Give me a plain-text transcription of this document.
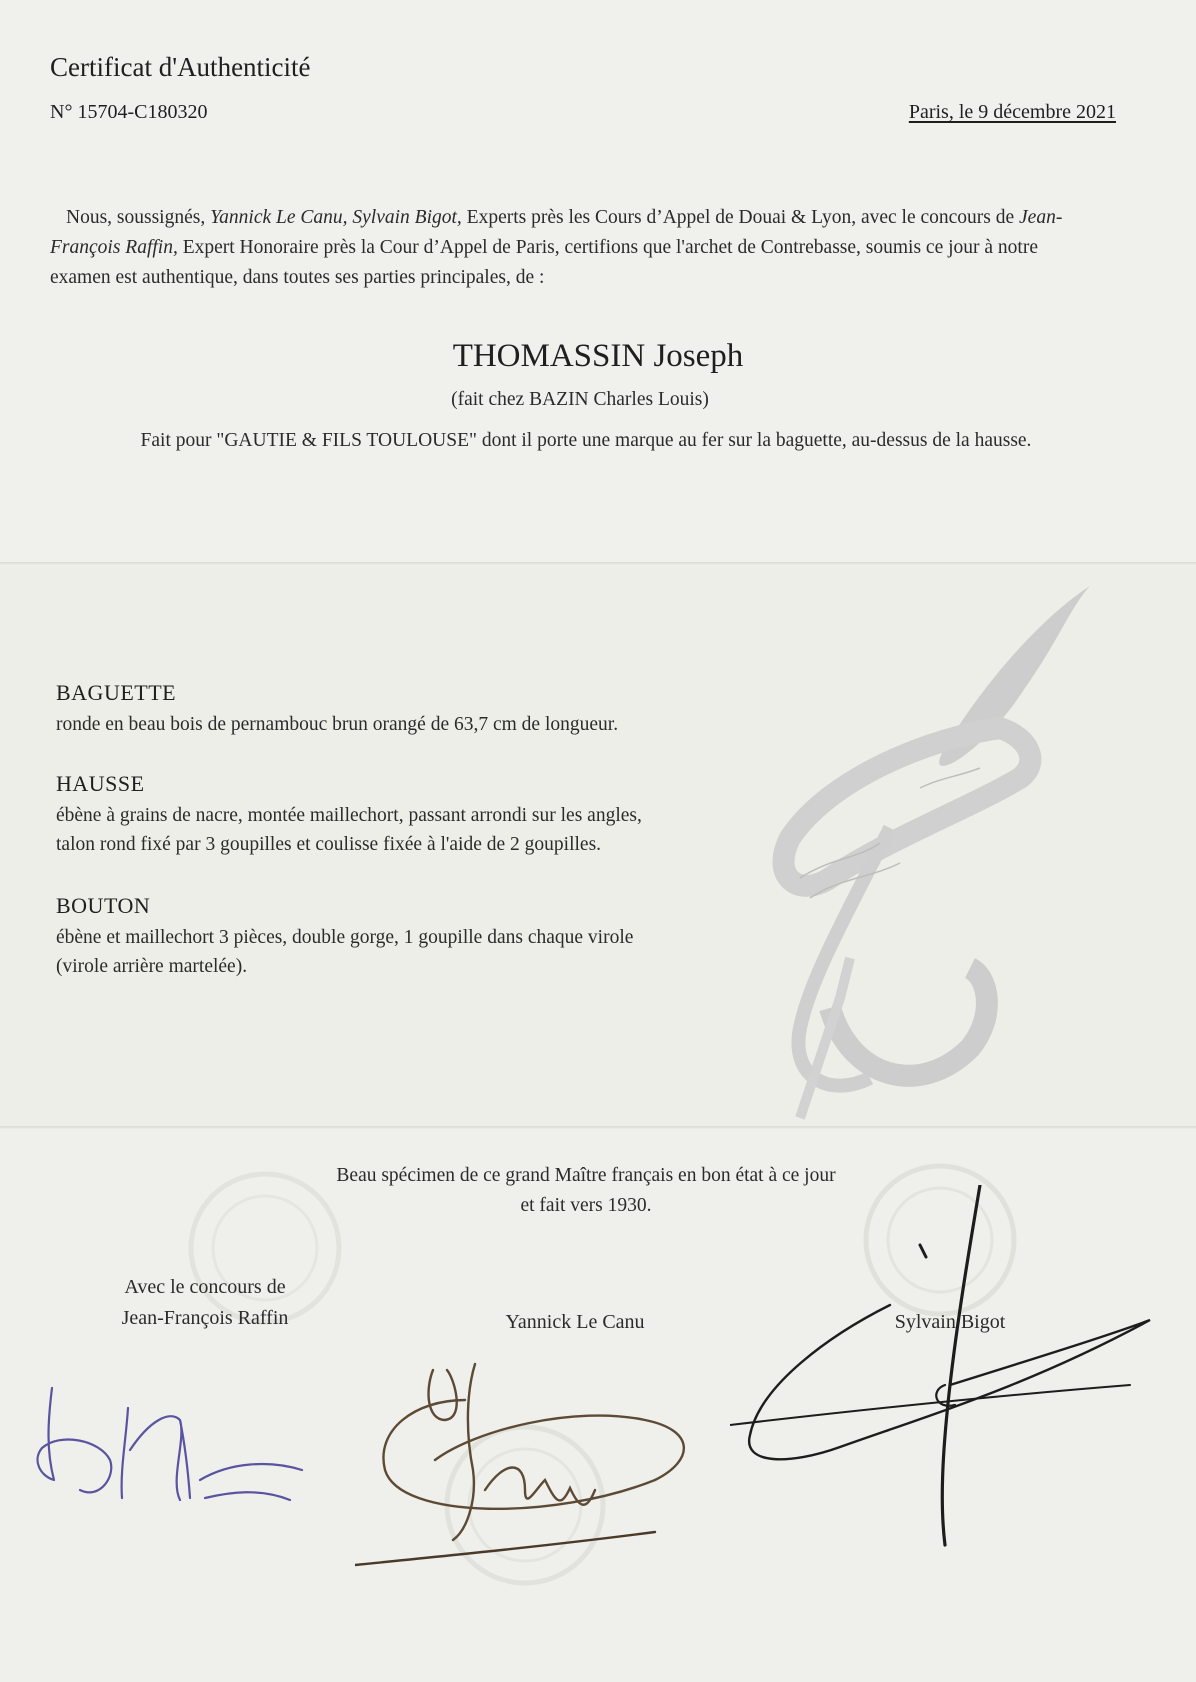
Certificat d'Authenticité
N° 15704-C180320	Paris, le 9 décembre 2021
Nous, soussignés, Yannick Le Canu, Sylvain Bigot, Experts près les Cours d’Appel de Douai & Lyon, avec le concours de Jean-François Raffin, Expert Honoraire près la Cour d’Appel de Paris, certifions que l'archet de Contrebasse, soumis ce jour à notre examen est authentique, dans toutes ses parties principales, de :
THOMASSIN Joseph
(fait chez BAZIN Charles Louis)
Fait pour "GAUTIE & FILS TOULOUSE" dont il porte une marque au fer sur la baguette, au-dessus de la hausse.
BAGUETTE
ronde en beau bois de pernambouc brun orangé de 63,7 cm de longueur.
HAUSSE
ébène à grains de nacre, montée maillechort, passant arrondi sur les angles,
talon rond fixé par 3 goupilles et coulisse fixée à l'aide de 2 goupilles.
BOUTON
ébène et maillechort 3 pièces, double gorge, 1 goupille dans chaque virole
(virole arrière martelée).
Beau spécimen de ce grand Maître français en bon état à ce jour
et fait vers 1930.
Avec le concours de
Jean-François Raffin	Yannick Le Canu	Sylvain Bigot
